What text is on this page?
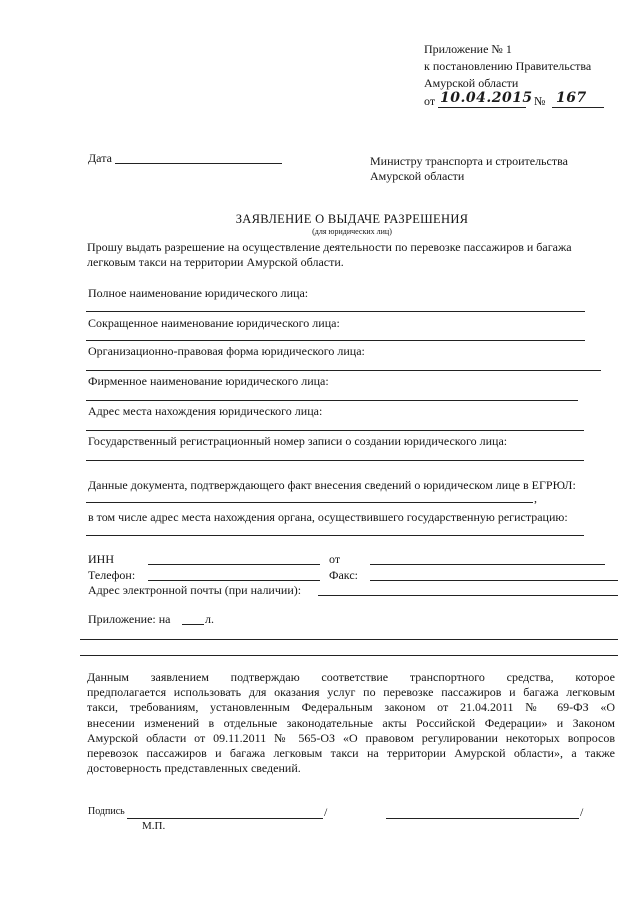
Приложение № 1
к постановлению Правительства
Амурской области
от 10.04.2015 № 167
Дата	Министру транспорта и строительства
Амурской области
ЗАЯВЛЕНИЕ О ВЫДАЧЕ РАЗРЕШЕНИЯ
(для юридических лиц)
Прошу выдать разрешение на осуществление деятельности по перевозке пассажиров и багажа
легковым такси на территории Амурской области.
Полное наименование юридического лица:
Сокращенное наименование юридического лица:
Организационно-правовая форма юридического лица:
Фирменное наименование юридического лица:
Адрес места нахождения юридического лица:
Государственный регистрационный номер записи о создании юридического лица:
Данные документа, подтверждающего факт внесения сведений о юридическом лице в ЕГРЮЛ:
,
в том числе адрес места нахождения органа, осуществившего государственную регистрацию:
ИНН	от
Телефон:	Факс:
Адрес электронной почты (при наличии):
Приложение: на	л.
Данным заявлением подтверждаю соответствие транспортного средства, которое
предполагается использовать для оказания услуг по перевозке пассажиров и багажа легковым
такси, требованиям, установленным Федеральным законом от 21.04.2011 № 69-ФЗ «О
внесении изменений в отдельные законодательные акты Российской Федерации» и Законом
Амурской области от 09.11.2011 № 565-ОЗ «О правовом регулировании некоторых вопросов
перевозок пассажиров и багажа легковым такси на территории Амурской области», а также
достоверность представленных сведений.
Подпись	/	/
М.П.
